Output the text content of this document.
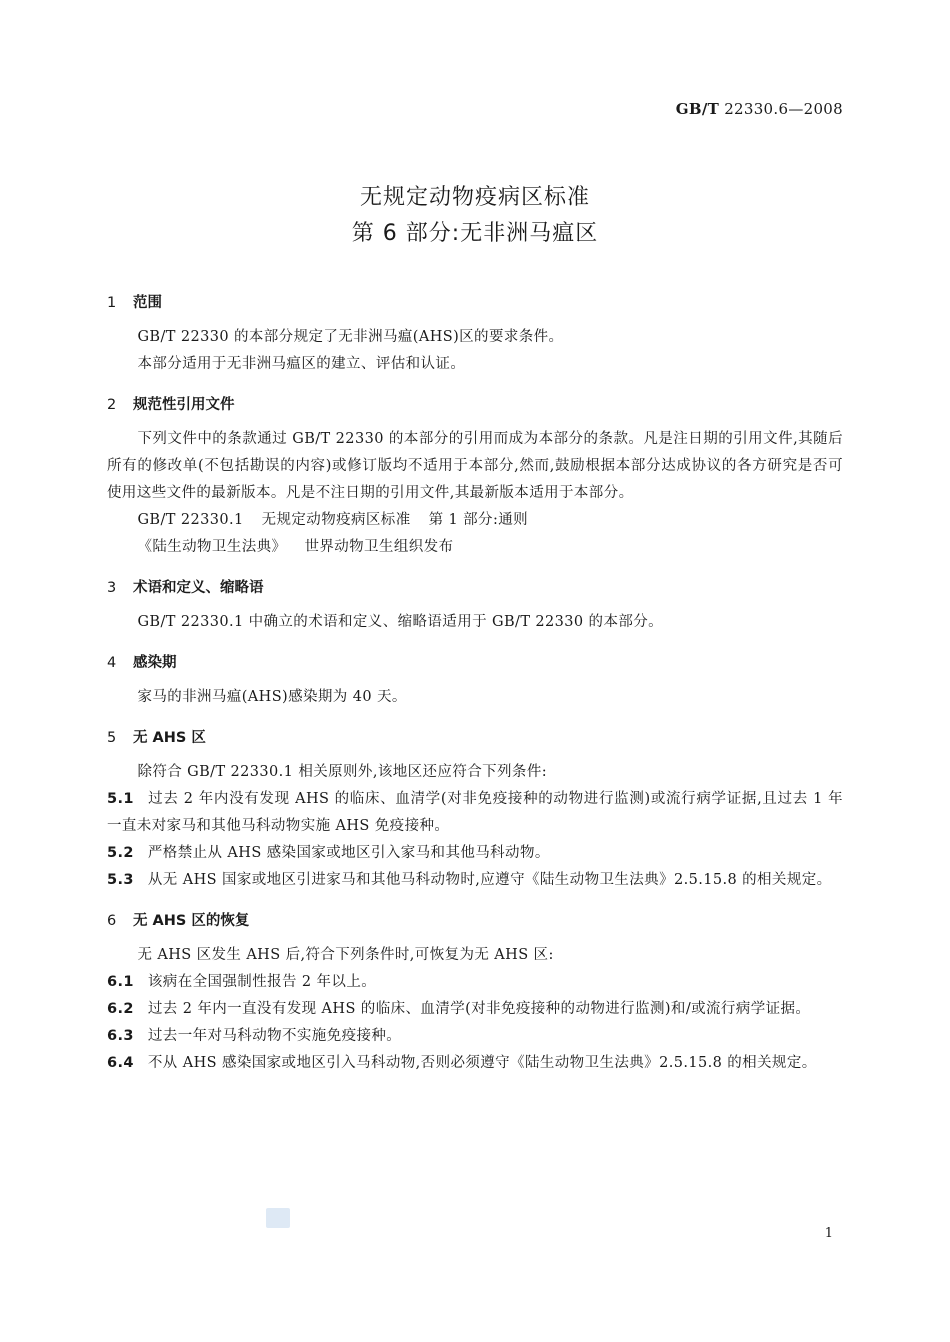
GB/T 22330.6—2008
无规定动物疫病区标准
第 6 部分:无非洲马瘟区
1 范围

GB/T 22330 的本部分规定了无非洲马瘟(AHS)区的要求条件。

本部分适用于无非洲马瘟区的建立、评估和认证。

2 规范性引用文件

下列文件中的条款通过 GB/T 22330 的本部分的引用而成为本部分的条款。凡是注日期的引用文件,其随后所有的修改单(不包括勘误的内容)或修订版均不适用于本部分,然而,鼓励根据本部分达成协议的各方研究是否可使用这些文件的最新版本。凡是不注日期的引用文件,其最新版本适用于本部分。

GB/T 22330.1 无规定动物疫病区标准 第 1 部分:通则

《陆生动物卫生法典》 世界动物卫生组织发布

3 术语和定义、缩略语

GB/T 22330.1 中确立的术语和定义、缩略语适用于 GB/T 22330 的本部分。

4 感染期

家马的非洲马瘟(AHS)感染期为 40 天。

5 无 AHS 区

除符合 GB/T 22330.1 相关原则外,该地区还应符合下列条件:

5.1 过去 2 年内没有发现 AHS 的临床、血清学(对非免疫接种的动物进行监测)或流行病学证据,且过去 1 年一直未对家马和其他马科动物实施 AHS 免疫接种。

5.2 严格禁止从 AHS 感染国家或地区引入家马和其他马科动物。

5.3 从无 AHS 国家或地区引进家马和其他马科动物时,应遵守《陆生动物卫生法典》2.5.15.8 的相关规定。

6 无 AHS 区的恢复

无 AHS 区发生 AHS 后,符合下列条件时,可恢复为无 AHS 区:

6.1 该病在全国强制性报告 2 年以上。

6.2 过去 2 年内一直没有发现 AHS 的临床、血清学(对非免疫接种的动物进行监测)和/或流行病学证据。

6.3 过去一年对马科动物不实施免疫接种。

6.4 不从 AHS 感染国家或地区引入马科动物,否则必须遵守《陆生动物卫生法典》2.5.15.8 的相关规定。

1
